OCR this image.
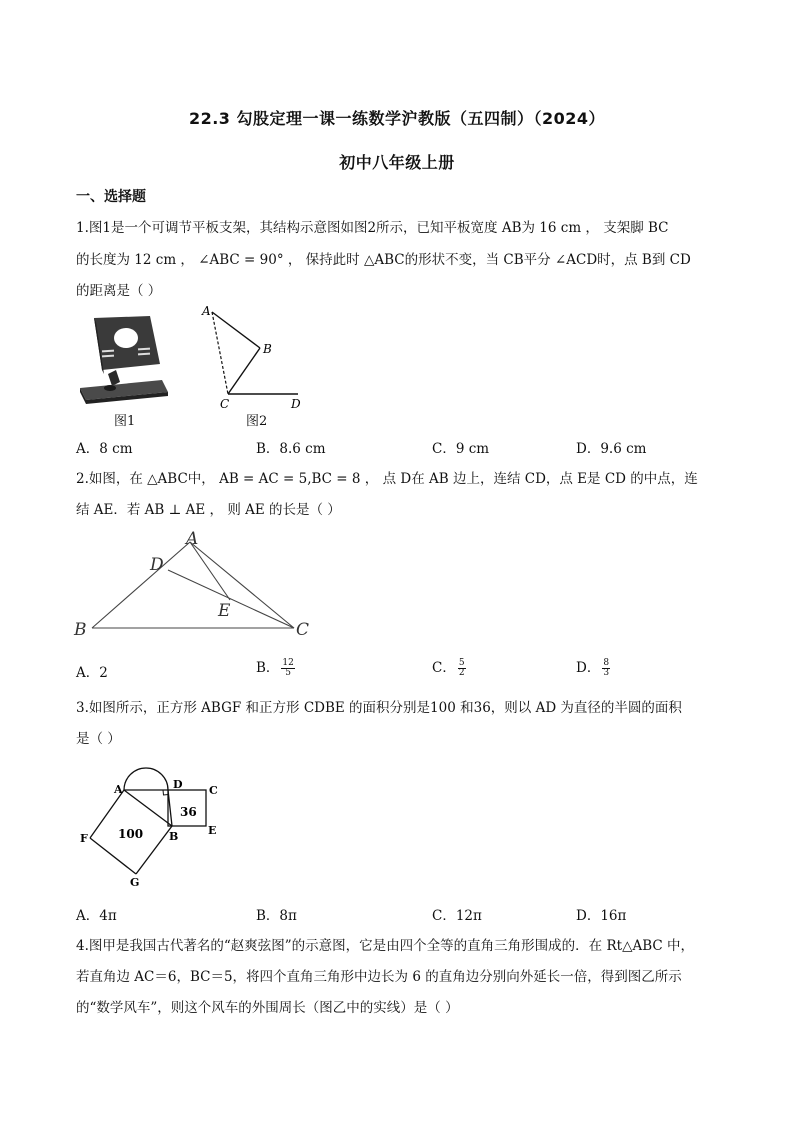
22.3 勾股定理一课一练数学沪教版（五四制）（2024）
初中八年级上册
一、选择题
1.图1是一个可调节平板支架，其结构示意图如图2所示，已知平板宽度 AB为 16 cm ， 支架脚 BC
的长度为 12 cm ， ∠ABC = 90° ， 保持此时 △ABC的形状不变，当 CB平分 ∠ACD时，点 B到 CD
的距离是（ ）
图1
A
B
C	D
图2
A．8 cm	B．8.6 cm	C．9 cm	D．9.6 cm
2.如图，在 △ABC中， AB = AC = 5,BC = 8 ， 点 D在 AB 边上，连结 CD，点 E是 CD 的中点，连
结 AE．若 AB ⊥ AE ， 则 AE 的长是（ ）
A
D
E
B	C
A．2	B． $\frac{12}{5}$	C． $\frac{5}{2}$	D． $\frac{8}{3}$
3.如图所示，正方形 ABGF 和正方形 CDBE 的面积分别是100 和36，则以 AD 为直径的半圆的面积
是（ ）
A	D C
E
B
F
G
36
100
A．4π	B．8π	C．12π	D．16π
4.图甲是我国古代著名的“赵爽弦图”的示意图，它是由四个全等的直角三角形围成的．在 Rt△ABC 中，
若直角边 AC＝6，BC＝5，将四个直角三角形中边长为 6 的直角边分别向外延长一倍，得到图乙所示
的“数学风车”，则这个风车的外围周长（图乙中的实线）是（ ）
